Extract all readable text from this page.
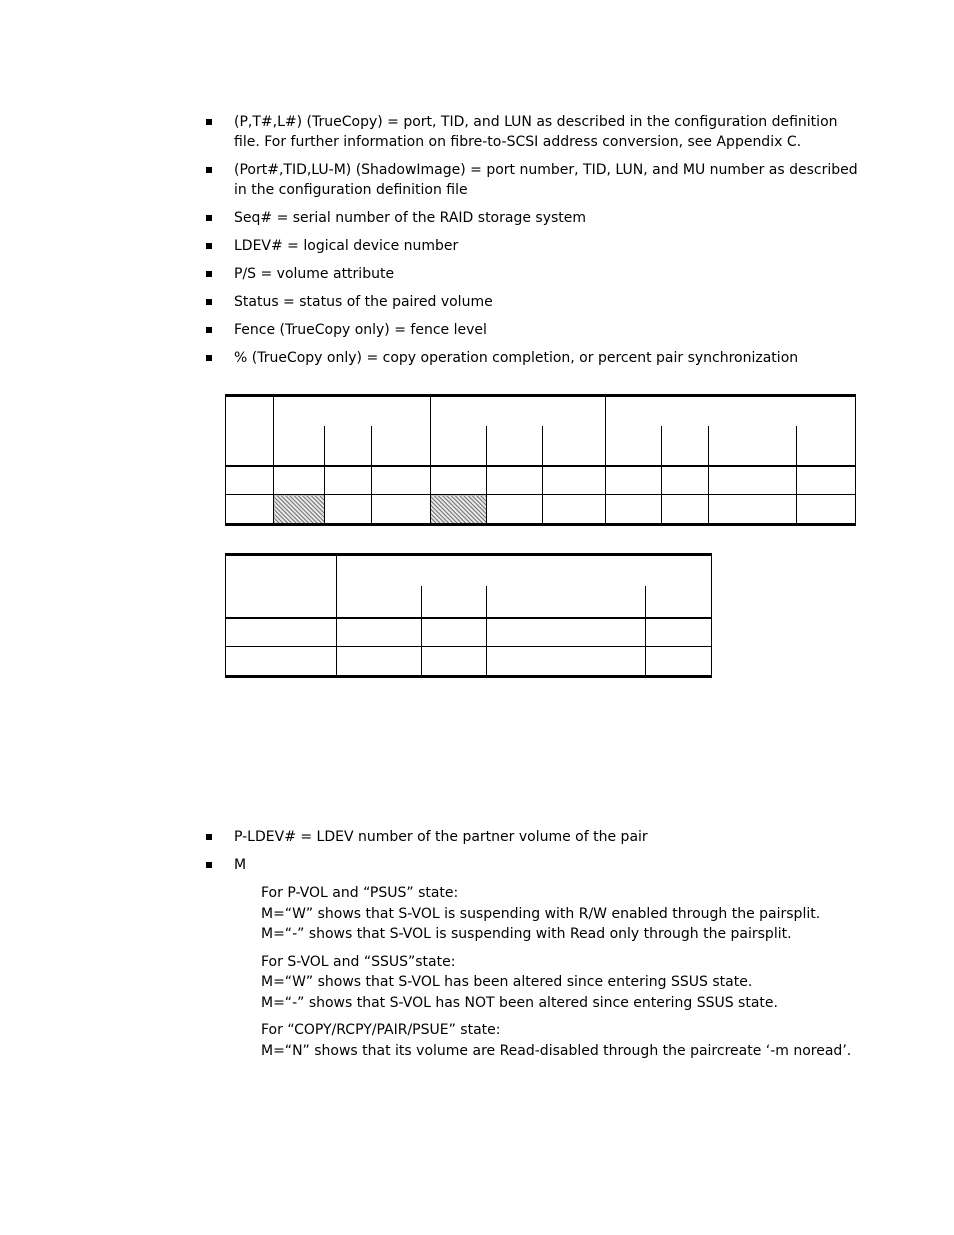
(P,T#,L#) (TrueCopy) = port, TID, and LUN as described in the configuration definition file. For further information on fibre-to-SCSI address conversion, see Appendix C.
(Port#,TID,LU-M) (ShadowImage) = port number, TID, LUN, and MU number as described in the configuration definition file
Seq# = serial number of the RAID storage system
LDEV# = logical device number
P/S = volume attribute
Status = status of the paired volume
Fence (TrueCopy only) = fence level
% (TrueCopy only) = copy operation completion, or percent pair synchronization

P-LDEV# = LDEV number of the partner volume of the pair
M

For P-VOL and “PSUS” state:
M=“W” shows that S-VOL is suspending with R/W enabled through the pairsplit.
M=“-” shows that S-VOL is suspending with Read only through the pairsplit.

For S-VOL and “SSUS”state:
M=“W” shows that S-VOL has been altered since entering SSUS state.
M=“-” shows that S-VOL has NOT been altered since entering SSUS state.

For “COPY/RCPY/PAIR/PSUE” state:
M=“N” shows that its volume are Read-disabled through the paircreate ‘-m noread’.
